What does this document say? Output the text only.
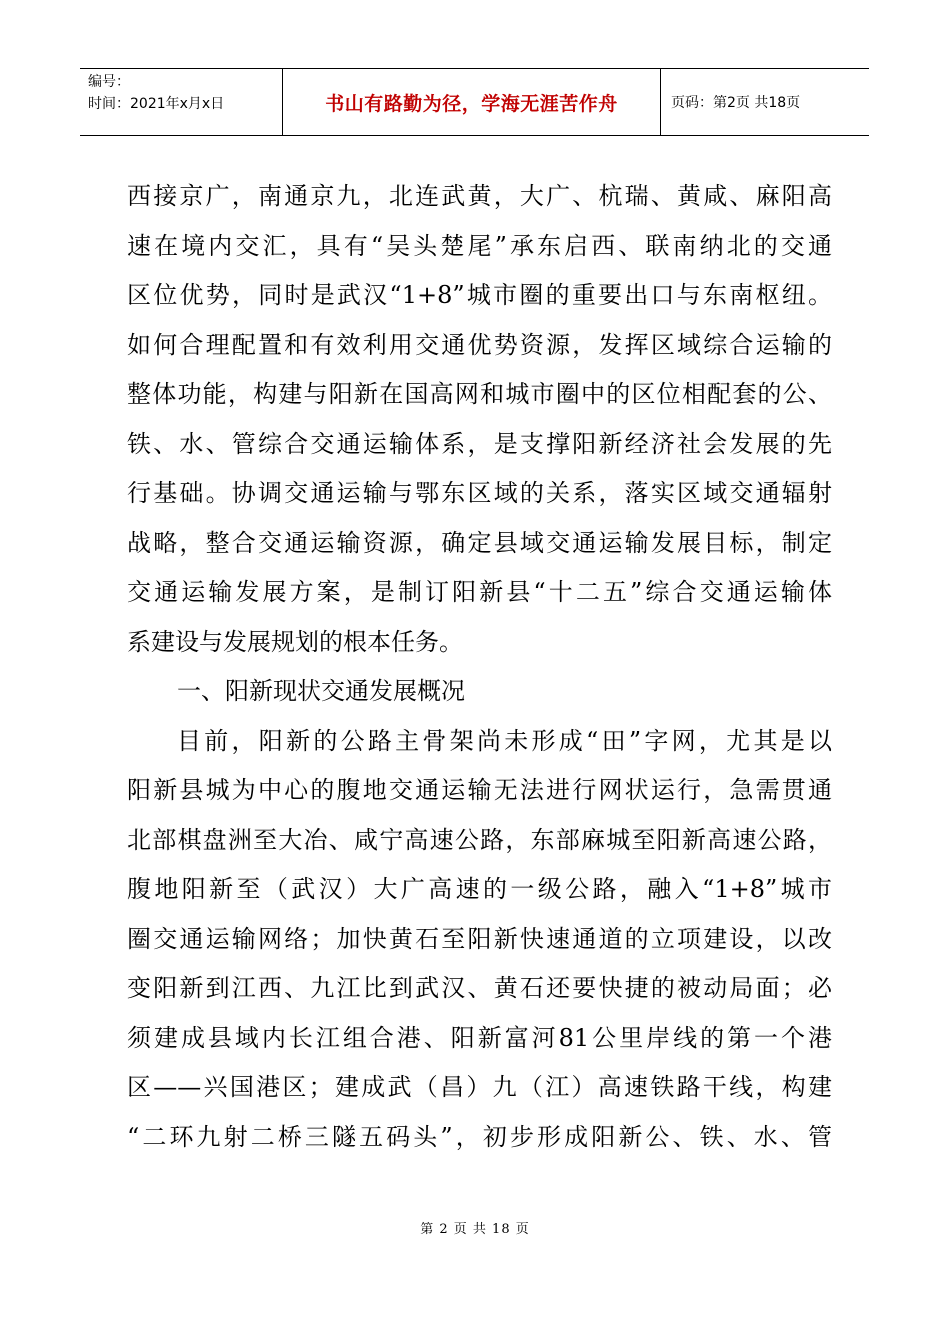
编号：
时间：2021年x月x日	书山有路勤为径，学海无涯苦作舟	页码：第2页 共18页
西接京广，南通京九，北连武黄，大广、杭瑞、黄咸、麻阳高
速在境内交汇，具有“吴头楚尾”承东启西、联南纳北的交通
区位优势，同时是武汉“1+8”城市圈的重要出口与东南枢纽。
如何合理配置和有效利用交通优势资源，发挥区域综合运输的
整体功能，构建与阳新在国高网和城市圈中的区位相配套的公、
铁、水、管综合交通运输体系，是支撑阳新经济社会发展的先
行基础。协调交通运输与鄂东区域的关系，落实区域交通辐射
战略，整合交通运输资源，确定县域交通运输发展目标，制定
交通运输发展方案，是制订阳新县“十二五”综合交通运输体
系建设与发展规划的根本任务。
一、阳新现状交通发展概况
目前，阳新的公路主骨架尚未形成“田”字网，尤其是以
阳新县城为中心的腹地交通运输无法进行网状运行，急需贯通
北部棋盘洲至大冶、咸宁高速公路，东部麻城至阳新高速公路，
腹地阳新至（武汉）大广高速的一级公路，融入“1+8”城市
圈交通运输网络；加快黄石至阳新快速通道的立项建设，以改
变阳新到江西、九江比到武汉、黄石还要快捷的被动局面；必
须建成县域内长江组合港、阳新富河81公里岸线的第一个港
区——兴国港区；建成武（昌）九（江）高速铁路干线，构建
“二环九射二桥三隧五码头”，初步形成阳新公、铁、水、管
第 2 页 共 18 页
